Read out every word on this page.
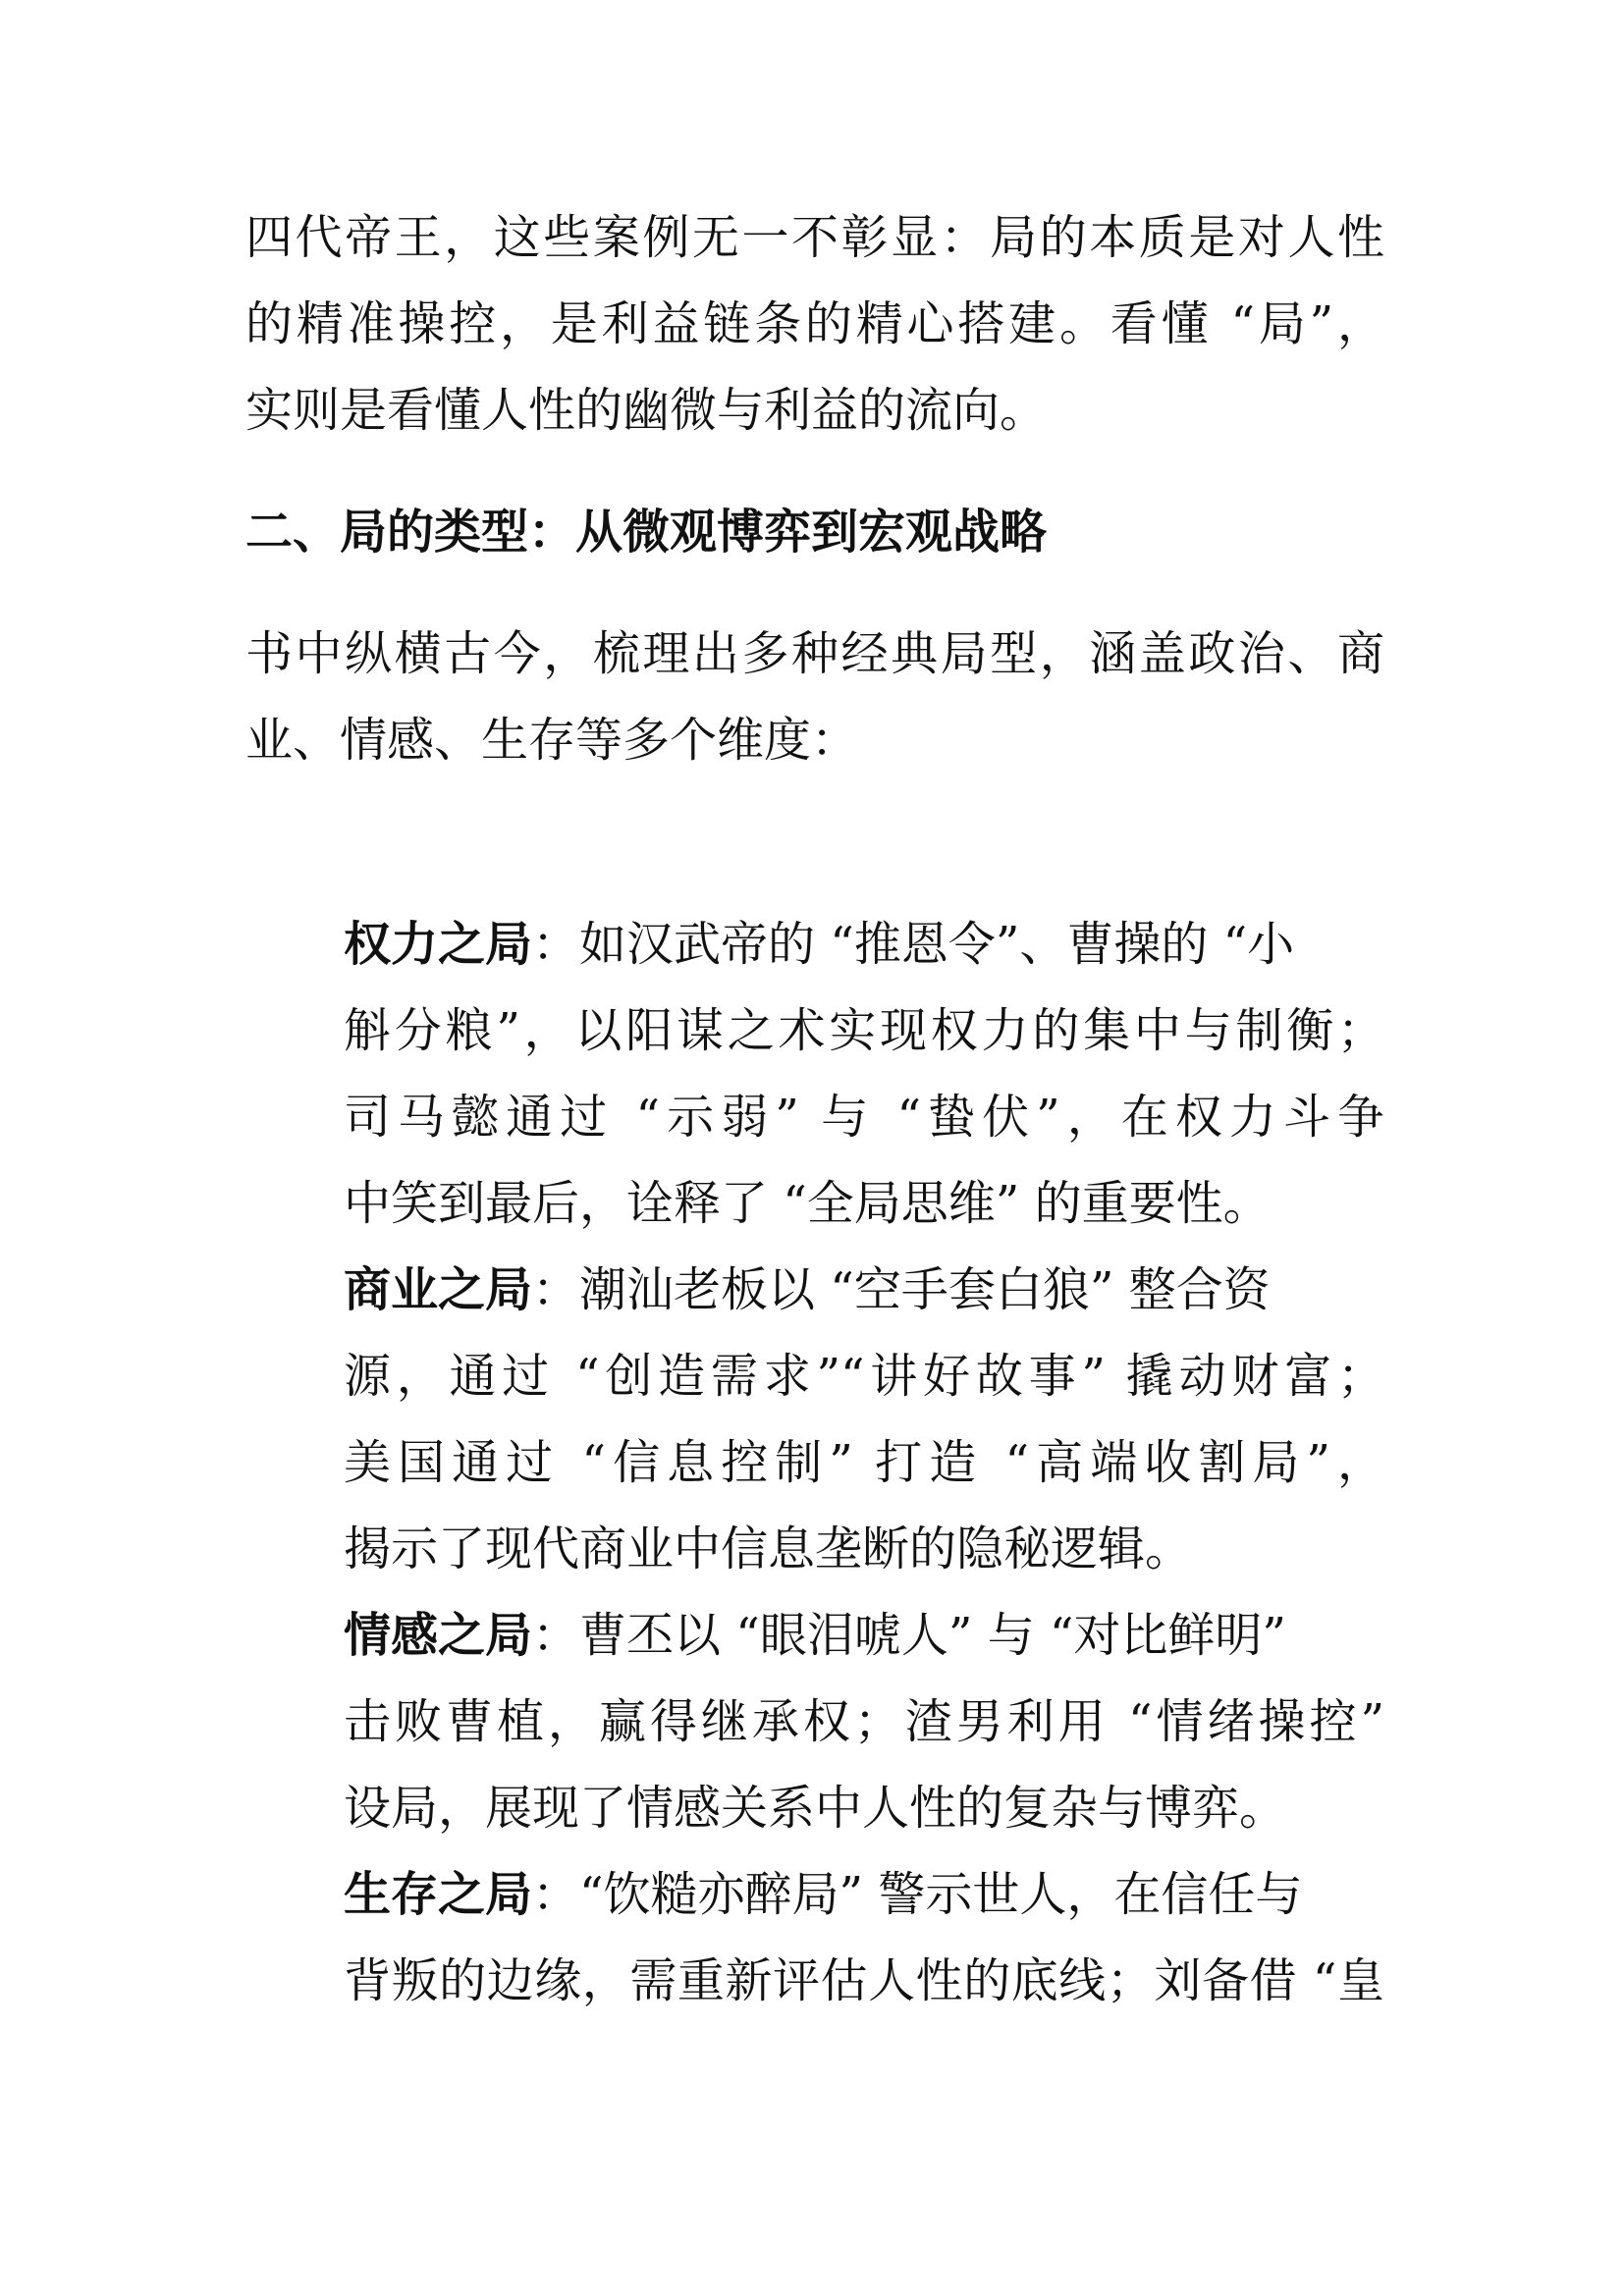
四代帝王，这些案例无一不彰显：局的本质是对人性
的精准操控，是利益链条的精心搭建。看懂 “局”，
实则是看懂人性的幽微与利益的流向。
二、局的类型：从微观博弈到宏观战略
书中纵横古今，梳理出多种经典局型，涵盖政治、商
业、情感、生存等多个维度：
权力之局：如汉武帝的 “推恩令”、曹操的 “小
斛分粮”，以阳谋之术实现权力的集中与制衡；
司马懿通过 “示弱” 与 “蛰伏”，在权力斗争
中笑到最后，诠释了 “全局思维” 的重要性。
商业之局：潮汕老板以 “空手套白狼” 整合资
源，通过 “创造需求”“讲好故事” 撬动财富；
美国通过 “信息控制” 打造 “高端收割局”，
揭示了现代商业中信息垄断的隐秘逻辑。
情感之局：曹丕以 “眼泪唬人” 与 “对比鲜明”
击败曹植，赢得继承权；渣男利用 “情绪操控”
设局，展现了情感关系中人性的复杂与博弈。
生存之局：“饮糙亦醉局” 警示世人，在信任与
背叛的边缘，需重新评估人性的底线；刘备借 “皇
